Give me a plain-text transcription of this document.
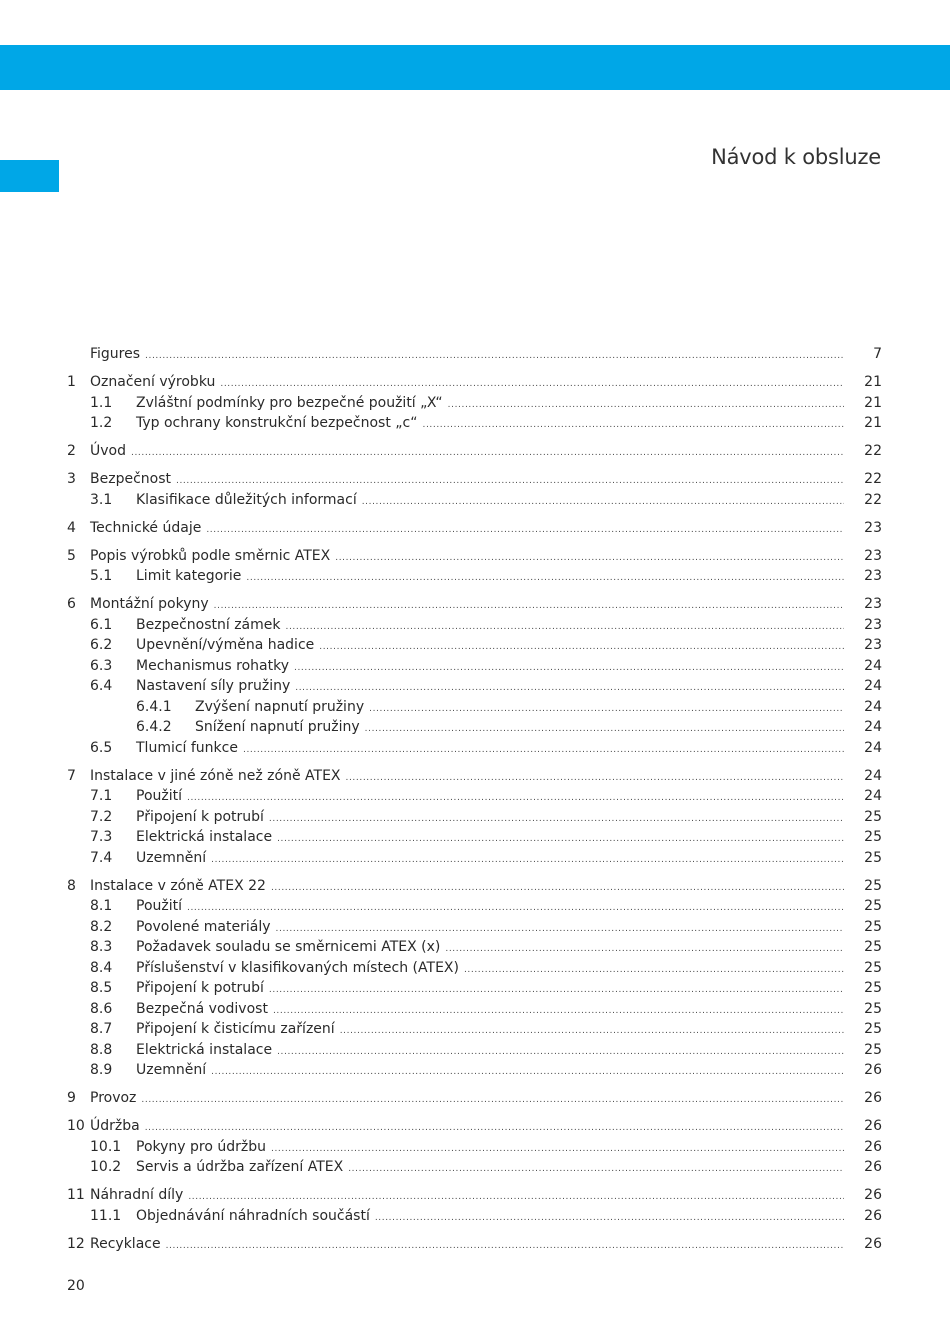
Návod k obsluze
Figures .....	7
1 Označení výrobku .....	21
1.1 Zvláštní podmínky pro bezpečné použití „X“ .....	21
1.2 Typ ochrany konstrukční bezpečnost „c“ .....	21
2 Úvod .....	22
3 Bezpečnost .....	22
3.1 Klasifikace důležitých informací .....	22
4 Technické údaje .....	23
5 Popis výrobků podle směrnic ATEX .....	23
5.1 Limit kategorie .....	23
6 Montážní pokyny .....	23
6.1 Bezpečnostní zámek .....	23
6.2 Upevnění/výměna hadice .....	23
6.3 Mechanismus rohatky .....	24
6.4 Nastavení síly pružiny .....	24
6.4.1 Zvýšení napnutí pružiny .....	24
6.4.2 Snížení napnutí pružiny .....	24
6.5 Tlumicí funkce .....	24
7 Instalace v jiné zóně než zóně ATEX .....	24
7.1 Použití .....	24
7.2 Připojení k potrubí .....	25
7.3 Elektrická instalace .....	25
7.4 Uzemnění .....	25
8 Instalace v zóně ATEX 22 .....	25
8.1 Použití .....	25
8.2 Povolené materiály .....	25
8.3 Požadavek souladu se směrnicemi ATEX (x) .....	25
8.4 Příslušenství v klasifikovaných místech (ATEX) .....	25
8.5 Připojení k potrubí .....	25
8.6 Bezpečná vodivost .....	25
8.7 Připojení k čisticímu zařízení .....	25
8.8 Elektrická instalace .....	25
8.9 Uzemnění .....	26
9 Provoz .....	26
10 Údržba .....	26
10.1 Pokyny pro údržbu .....	26
10.2 Servis a údržba zařízení ATEX .....	26
11 Náhradní díly .....	26
11.1 Objednávání náhradních součástí .....	26
12 Recyklace .....	26
20
